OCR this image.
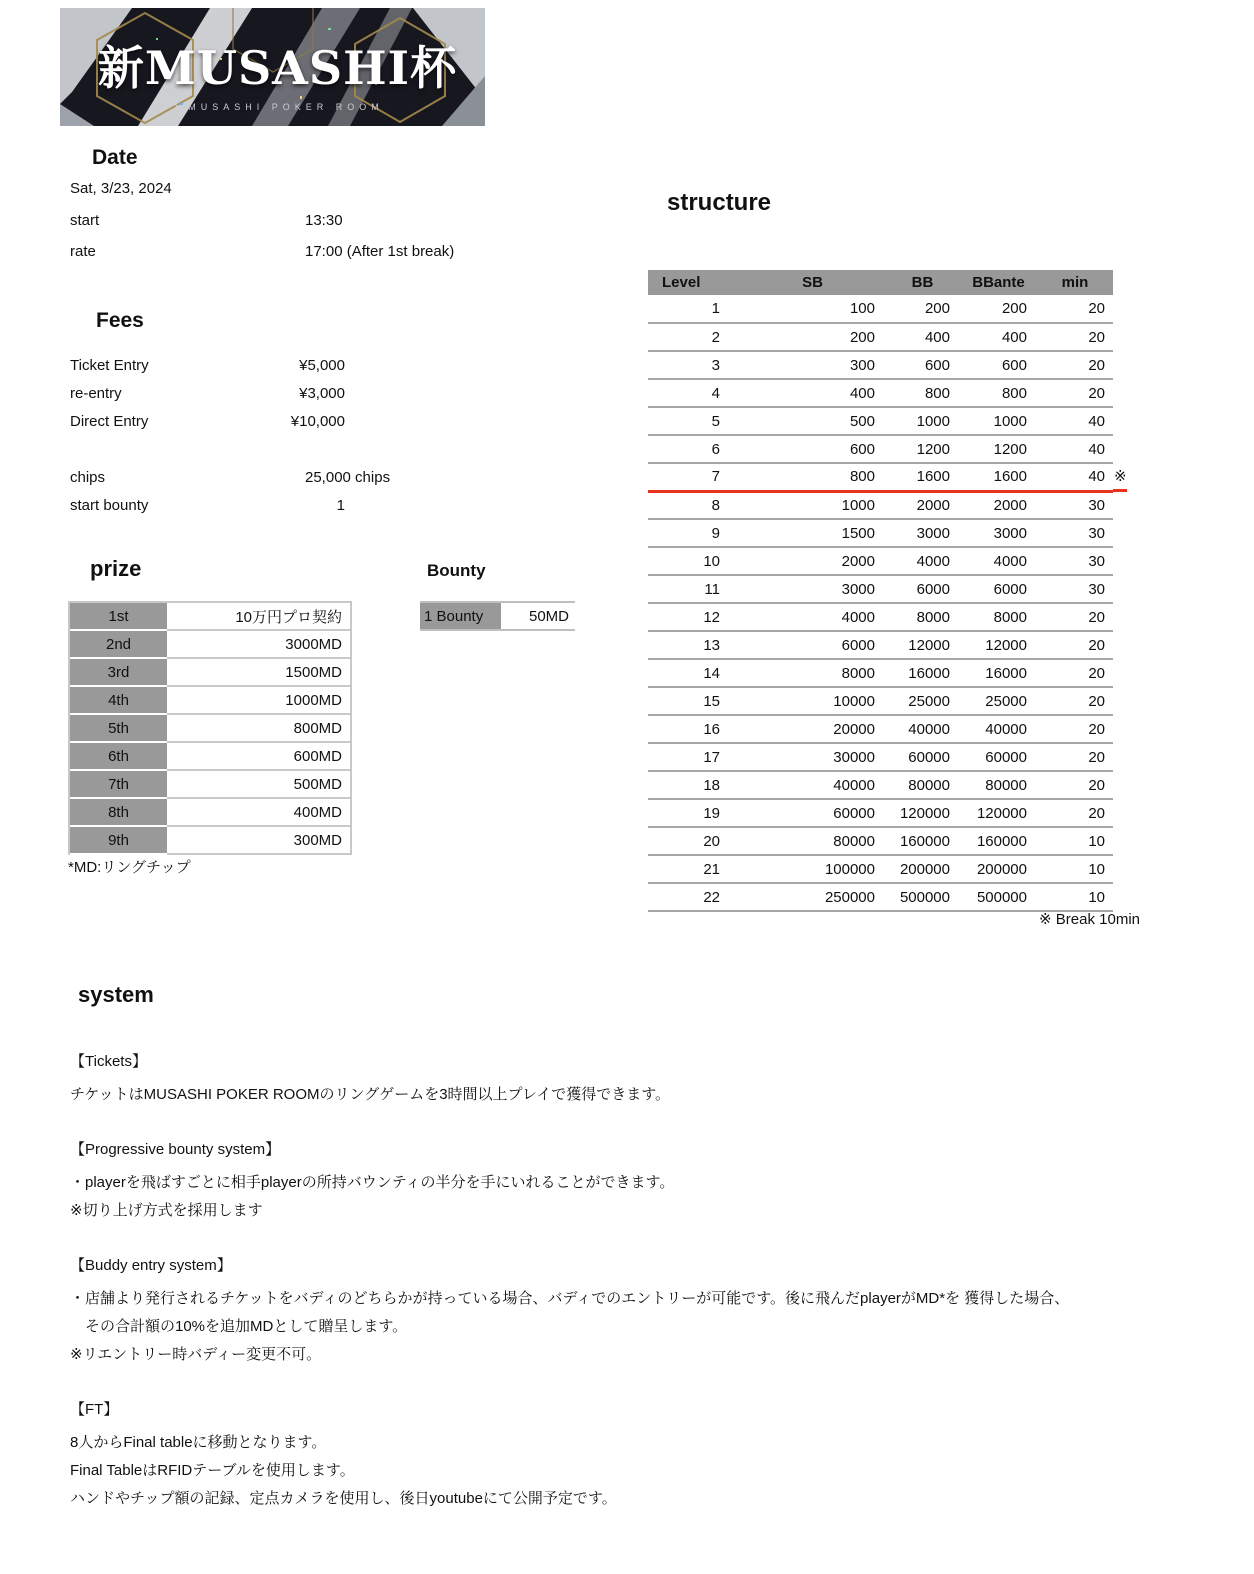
新MUSASHI杯
MUSASHI POKER ROOM
Date
Sat, 3/23, 2024
start	13:30
rate	17:00 (After 1st break)
Fees
Ticket Entry	¥5,000
re-entry	¥3,000
Direct Entry	¥10,000
chips	25,000 chips
start bounty	1
prize
1st	10万円プロ契約
2nd	3000MD
3rd	1500MD
4th	1000MD
5th	800MD
6th	600MD
7th	500MD
8th	400MD
9th	300MD
*MD:リングチップ
Bounty
1 Bounty	50MD
structure
Level	SB	BB	BBante	min
1	100	200	200	20
2	200	400	400	20
3	300	600	600	20
4	400	800	800	20
5	500	1000	1000	40
6	600	1200	1200	40
7	800	1600	1600	40
8	1000	2000	2000	30
9	1500	3000	3000	30
10	2000	4000	4000	30
11	3000	6000	6000	30
12	4000	8000	8000	20
13	6000	12000	12000	20
14	8000	16000	16000	20
15	10000	25000	25000	20
16	20000	40000	40000	20
17	30000	60000	60000	20
18	40000	80000	80000	20
19	60000	120000	120000	20
20	80000	160000	160000	10
21	100000	200000	200000	10
22	250000	500000	500000	10
※
※ Break 10min
system
【Tickets】
チケットはMUSASHI POKER ROOMのリングゲームを3時間以上プレイで獲得できます。
【Progressive bounty system】
・playerを飛ばすごとに相手playerの所持バウンティの半分を手にいれることができます。
※切り上げ方式を採用します
【Buddy entry system】
・店舗より発行されるチケットをバディのどちらかが持っている場合、バディでのエントリーが可能です。後に飛んだplayerがMD*を 獲得した場合、
　その合計額の10%を追加MDとして贈呈します。
※リエントリー時バディー変更不可。
【FT】
8人からFinal tableに移動となります。
Final TableはRFIDテーブルを使用します。
ハンドやチップ額の記録、定点カメラを使用し、後日youtubeにて公開予定です。
